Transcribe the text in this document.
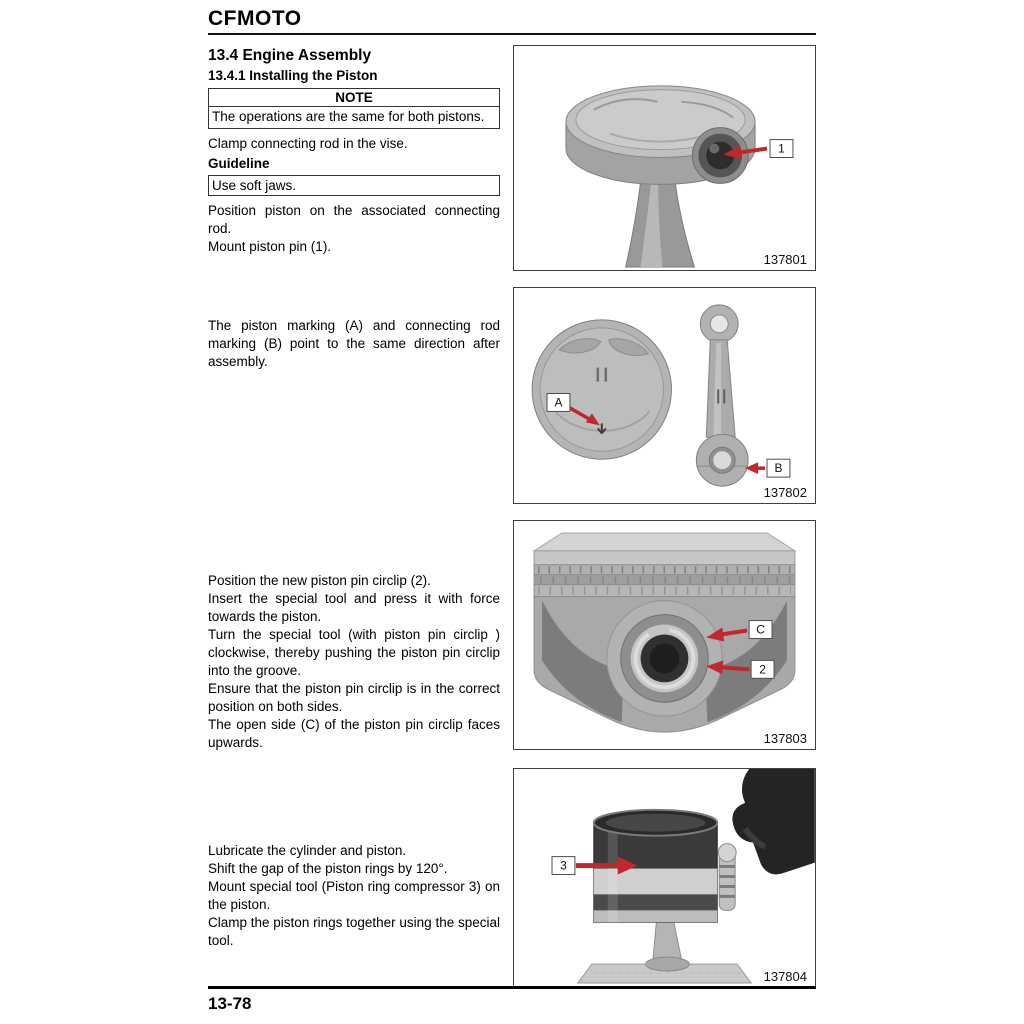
CFMOTO
13.4 Engine Assembly
13.4.1 Installing the Piston
NOTE
The operations are the same for both pistons.

Clamp connecting rod in the vise.

Guideline
Use soft jaws.

Position piston on the associated connecting rod.

Mount piston pin (1).

1
137801

The piston marking (A) and connecting rod marking (B) point to the same direction after assembly.

A
B
137802

Position the new piston pin circlip (2).

Insert the special tool and press it with force towards the piston.

Turn the special tool (with piston pin circlip ) clockwise, thereby pushing the piston pin circlip into the groove.

Ensure that the piston pin circlip is in the correct position on both sides.

The open side (C) of the piston pin circlip faces upwards.

C
2
137803

Lubricate the cylinder and piston.

Shift the gap of the piston rings by 120°.

Mount special tool (Piston ring compressor 3) on the piston.

Clamp the piston rings together using the special tool.

3
137804
13-78
